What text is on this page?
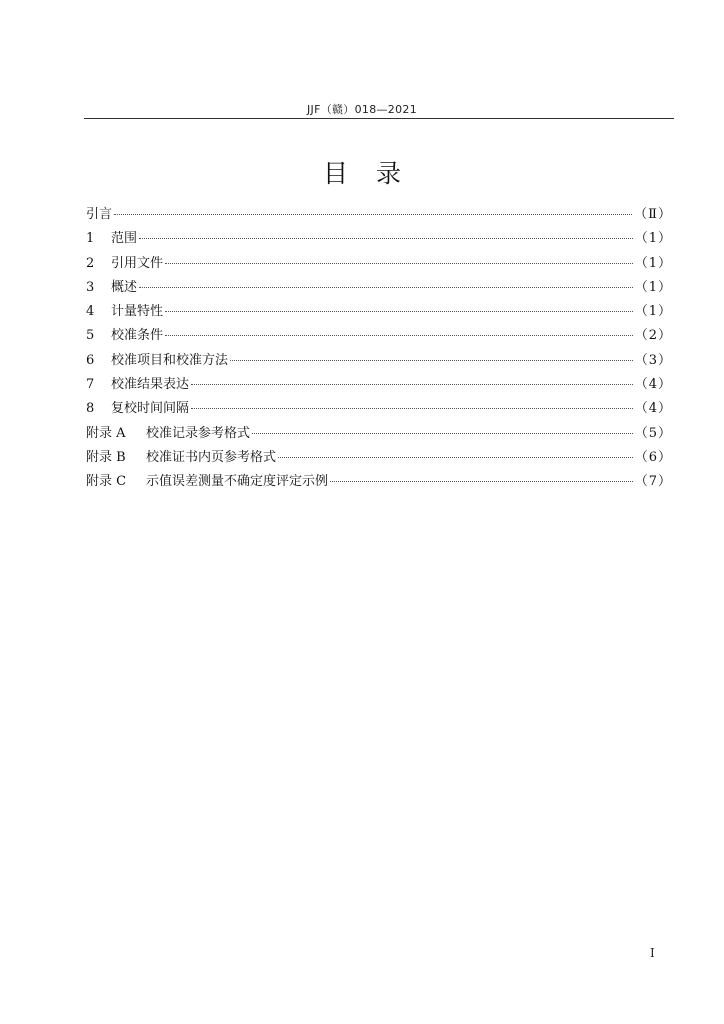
JJF（赣）018—2021
目录
引言	（Ⅱ）
1	范围	（1）
2	引用文件	（1）
3	概述	（1）
4	计量特性	（1）
5	校准条件	（2）
6	校准项目和校准方法	（3）
7	校准结果表达	（4）
8	复校时间间隔	（4）
附录 A	校准记录参考格式	（5）
附录 B	校准证书内页参考格式	（6）
附录 C	示值误差测量不确定度评定示例	（7）
Ⅰ
